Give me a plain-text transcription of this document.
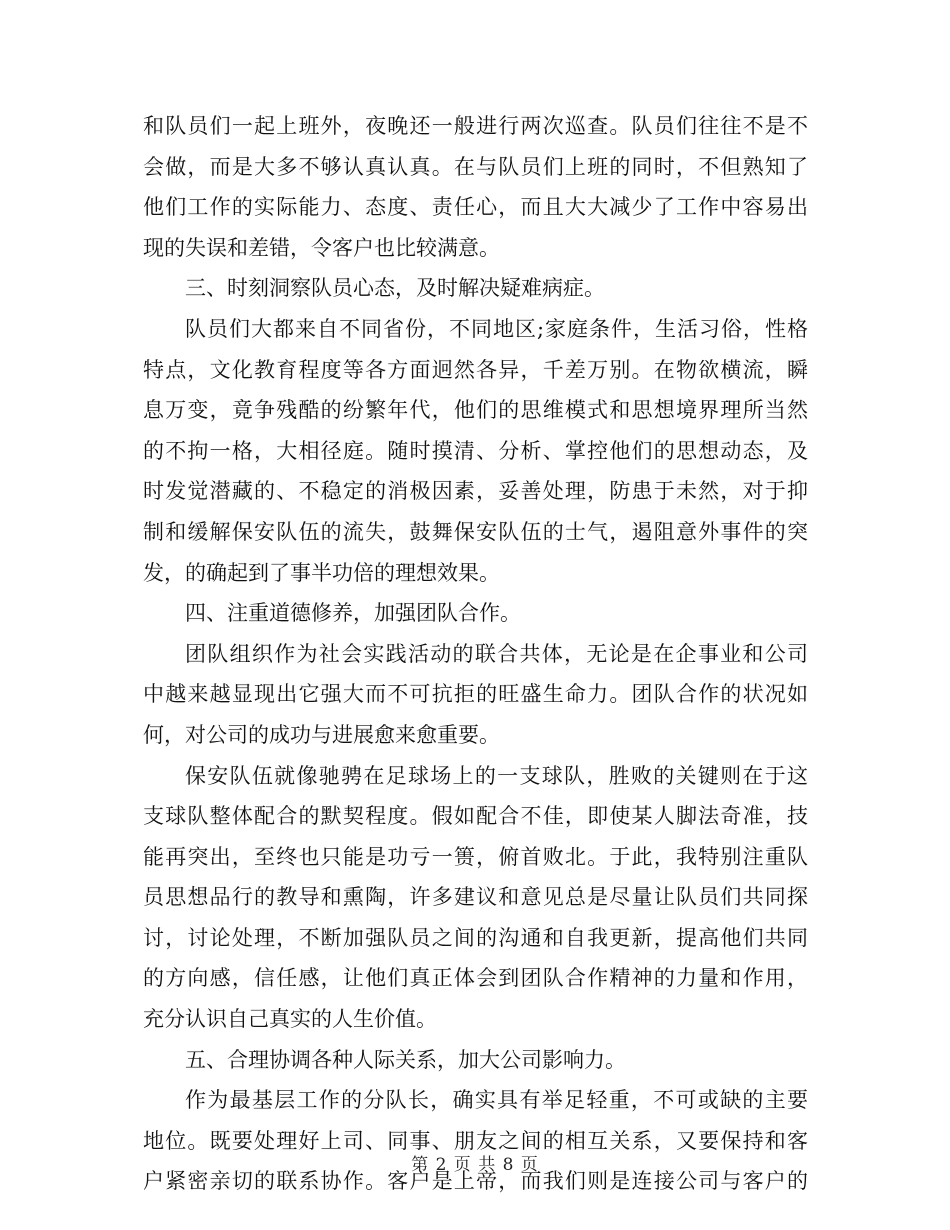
和队员们一起上班外，夜晚还一般进行两次巡查。队员们往往不是不
会做，而是大多不够认真认真。在与队员们上班的同时，不但熟知了
他们工作的实际能力、态度、责任心，而且大大减少了工作中容易出
现的失误和差错，令客户也比较满意。
三、时刻洞察队员心态，及时解决疑难病症。
队员们大都来自不同省份，不同地区;家庭条件，生活习俗，性格
特点，文化教育程度等各方面迥然各异，千差万别。在物欲横流，瞬
息万变，竟争残酷的纷繁年代，他们的思维模式和思想境界理所当然
的不拘一格，大相径庭。随时摸清、分析、掌控他们的思想动态，及
时发觉潜藏的、不稳定的消极因素，妥善处理，防患于未然，对于抑
制和缓解保安队伍的流失，鼓舞保安队伍的士气，遏阻意外事件的突
发，的确起到了事半功倍的理想效果。
四、注重道德修养，加强团队合作。
团队组织作为社会实践活动的联合共体，无论是在企事业和公司
中越来越显现出它强大而不可抗拒的旺盛生命力。团队合作的状况如
何，对公司的成功与进展愈来愈重要。
保安队伍就像驰骋在足球场上的一支球队，胜败的关键则在于这
支球队整体配合的默契程度。假如配合不佳，即使某人脚法奇准，技
能再突出，至终也只能是功亏一篑，俯首败北。于此，我特别注重队
员思想品行的教导和熏陶，许多建议和意见总是尽量让队员们共同探
讨，讨论处理，不断加强队员之间的沟通和自我更新，提高他们共同
的方向感，信任感，让他们真正体会到团队合作精神的力量和作用，
充分认识自己真实的人生价值。
五、合理协调各种人际关系，加大公司影响力。
作为最基层工作的分队长，确实具有举足轻重，不可或缺的主要
地位。既要处理好上司、同事、朋友之间的相互关系，又要保持和客
户紧密亲切的联系协作。客户是上帝，而我们则是连接公司与客户的
第 2 页 共 8 页
